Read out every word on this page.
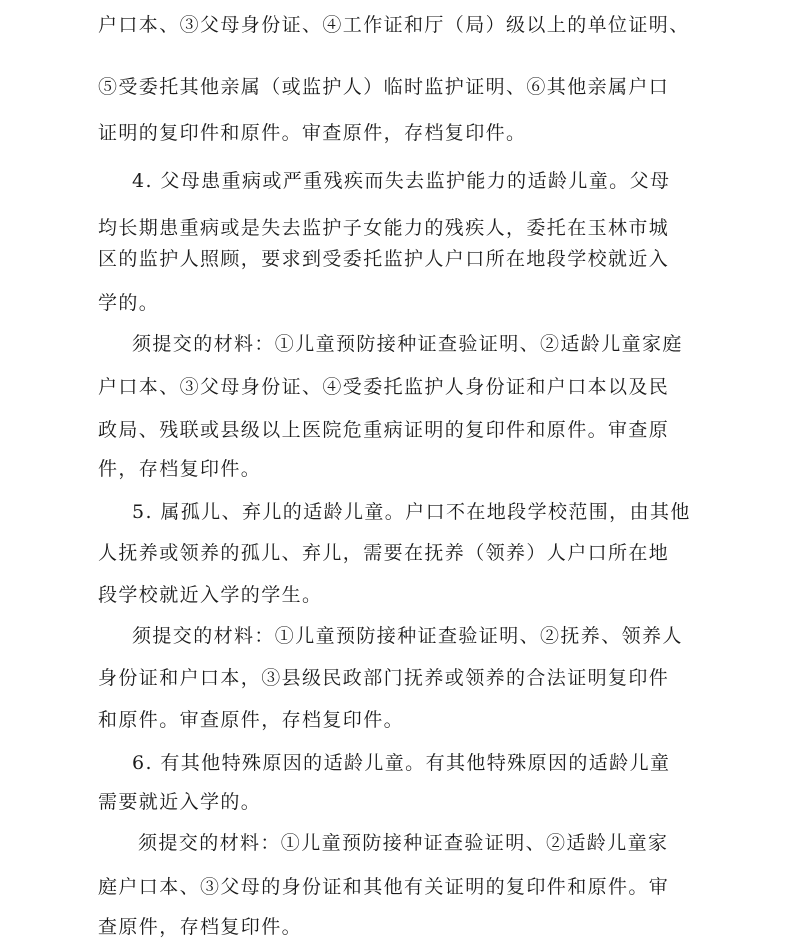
户口本、③父母身份证、④工作证和厅（局）级以上的单位证明、

⑤受委托其他亲属（或监护人）临时监护证明、⑥其他亲属户口

证明的复印件和原件。审查原件，存档复印件。

4. 父母患重病或严重残疾而失去监护能力的适龄儿童。父母

均长期患重病或是失去监护子女能力的残疾人，委托在玉林市城

区的监护人照顾，要求到受委托监护人户口所在地段学校就近入

学的。

须提交的材料：①儿童预防接种证查验证明、②适龄儿童家庭

户口本、③父母身份证、④受委托监护人身份证和户口本以及民

政局、残联或县级以上医院危重病证明的复印件和原件。审查原

件，存档复印件。

5. 属孤儿、弃儿的适龄儿童。户口不在地段学校范围，由其他

人抚养或领养的孤儿、弃儿，需要在抚养（领养）人户口所在地

段学校就近入学的学生。

须提交的材料：①儿童预防接种证查验证明、②抚养、领养人

身份证和户口本，③县级民政部门抚养或领养的合法证明复印件

和原件。审查原件，存档复印件。

6. 有其他特殊原因的适龄儿童。有其他特殊原因的适龄儿童

需要就近入学的。

须提交的材料：①儿童预防接种证查验证明、②适龄儿童家

庭户口本、③父母的身份证和其他有关证明的复印件和原件。审

查原件，存档复印件。
